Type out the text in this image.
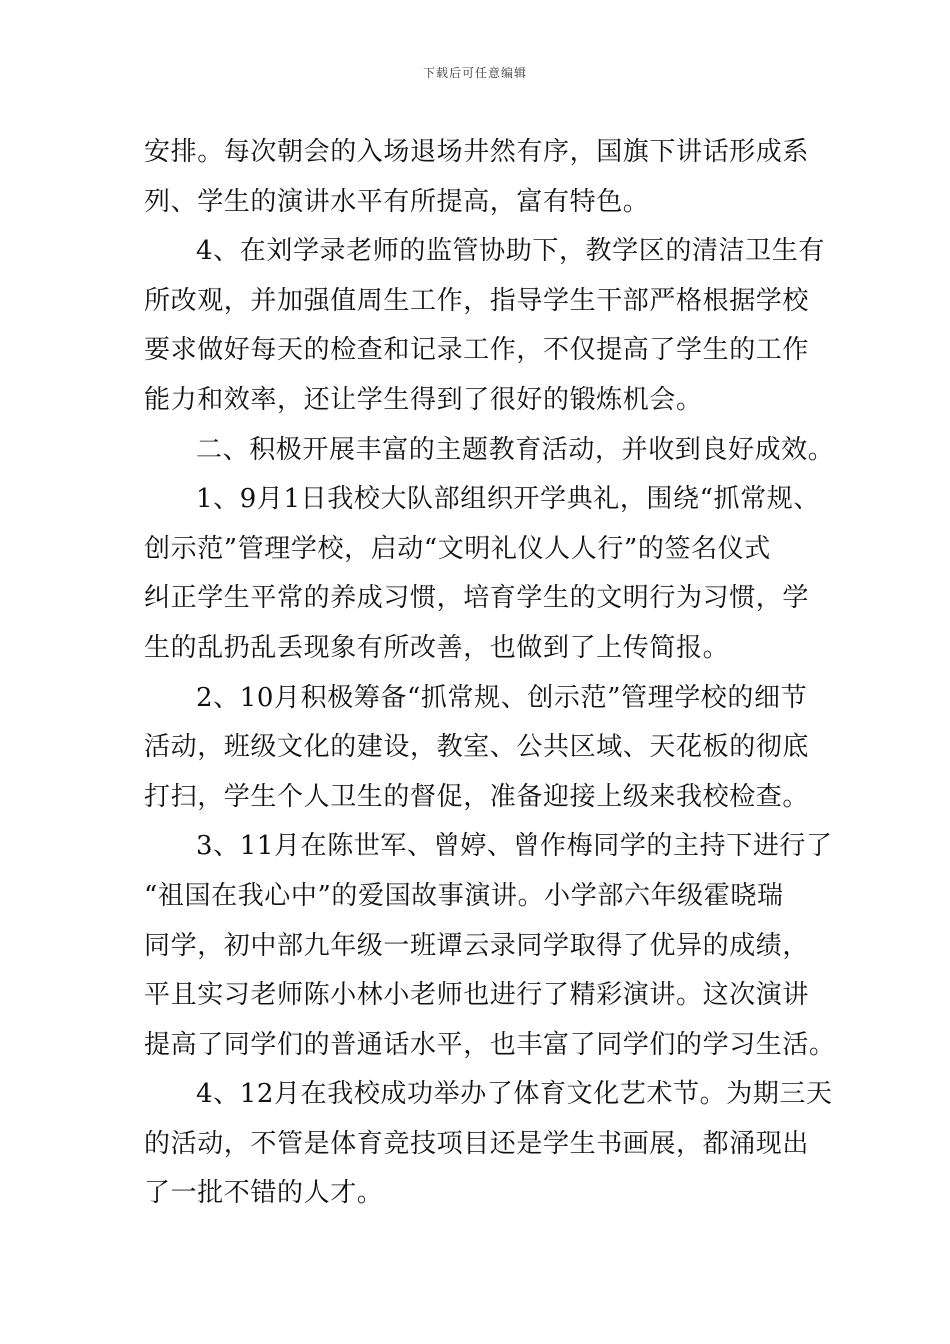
下载后可任意编辑
安排。每次朝会的入场退场井然有序，国旗下讲话形成系
列、学生的演讲水平有所提高，富有特色。
4、在刘学录老师的监管协助下，教学区的清洁卫生有
所改观，并加强值周生工作，指导学生干部严格根据学校
要求做好每天的检查和记录工作，不仅提高了学生的工作
能力和效率，还让学生得到了很好的锻炼机会。
二、积极开展丰富的主题教育活动，并收到良好成效。
1、9月1日我校大队部组织开学典礼，围绕“抓常规、
创示范”管理学校，启动“文明礼仪人人行”的签名仪式
纠正学生平常的养成习惯，培育学生的文明行为习惯，学
生的乱扔乱丢现象有所改善，也做到了上传简报。
2、10月积极筹备“抓常规、创示范”管理学校的细节
活动，班级文化的建设，教室、公共区域、天花板的彻底
打扫，学生个人卫生的督促，准备迎接上级来我校检查。
3、11月在陈世军、曾婷、曾作梅同学的主持下进行了
“祖国在我心中”的爱国故事演讲。小学部六年级霍晓瑞
同学，初中部九年级一班谭云录同学取得了优异的成绩，
平且实习老师陈小林小老师也进行了精彩演讲。这次演讲
提高了同学们的普通话水平，也丰富了同学们的学习生活。
4、12月在我校成功举办了体育文化艺术节。为期三天
的活动，不管是体育竞技项目还是学生书画展，都涌现出
了一批不错的人才。
